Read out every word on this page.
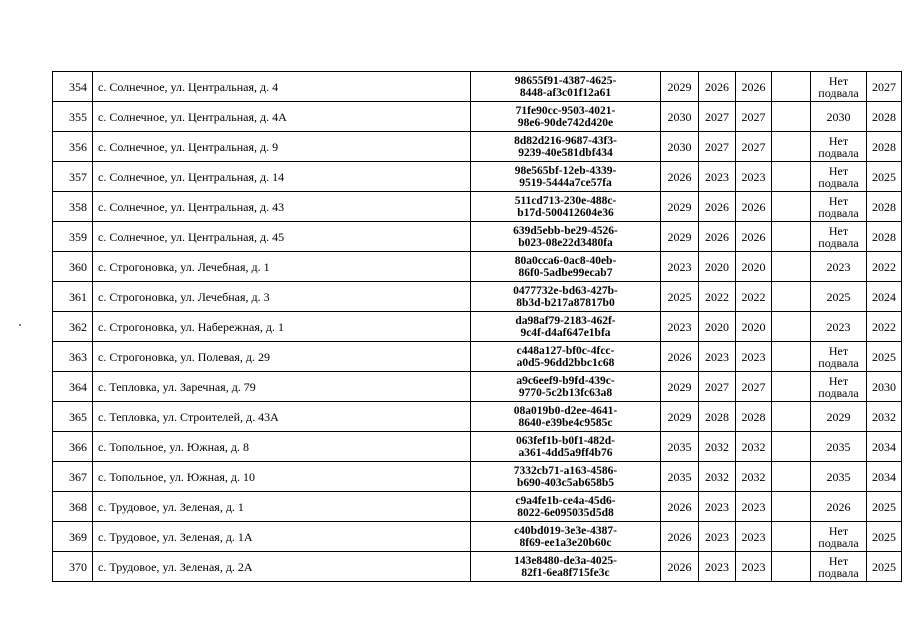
354	с. Солнечное, ул. Центральная, д. 4	98655f91-4387-4625-
8448-af3c01f12a61	2029	2026	2026		Нет подвала	2027
355	с. Солнечное, ул. Центральная, д. 4А	71fe90cc-9503-4021-
98e6-90de742d420e	2030	2027	2027		2030	2028
356	с. Солнечное, ул. Центральная, д. 9	8d82d216-9687-43f3-
9239-40e581dbf434	2030	2027	2027		Нет подвала	2028
357	с. Солнечное, ул. Центральная, д. 14	98e565bf-12eb-4339-
9519-5444a7ce57fa	2026	2023	2023		Нет подвала	2025
358	с. Солнечное, ул. Центральная, д. 43	511cd713-230e-488c-
b17d-500412604e36	2029	2026	2026		Нет подвала	2028
359	с. Солнечное, ул. Центральная, д. 45	639d5ebb-be29-4526-
b023-08e22d3480fa	2029	2026	2026		Нет подвала	2028
360	с. Строгоновка, ул. Лечебная, д. 1	80a0cca6-0ac8-40eb-
86f0-5adbe99ecab7	2023	2020	2020		2023	2022
361	с. Строгоновка, ул. Лечебная, д. 3	0477732e-bd63-427b-
8b3d-b217a87817b0	2025	2022	2022		2025	2024
362	с. Строгоновка, ул. Набережная, д. 1	da98af79-2183-462f-
9c4f-d4af647e1bfa	2023	2020	2020		2023	2022
363	с. Строгоновка, ул. Полевая, д. 29	c448a127-bf0c-4fcc-
a0d5-96dd2bbc1c68	2026	2023	2023		Нет подвала	2025
364	с. Тепловка, ул. Заречная, д. 79	a9c6eef9-b9fd-439c-
9770-5c2b13fc63a8	2029	2027	2027		Нет подвала	2030
365	с. Тепловка, ул. Строителей, д. 43А	08a019b0-d2ee-4641-
8640-e39be4c9585c	2029	2028	2028		2029	2032
366	с. Топольное, ул. Южная, д. 8	063fef1b-b0f1-482d-
a361-4dd5a9ff4b76	2035	2032	2032		2035	2034
367	с. Топольное, ул. Южная, д. 10	7332cb71-a163-4586-
b690-403c5ab658b5	2035	2032	2032		2035	2034
368	с. Трудовое, ул. Зеленая, д. 1	c9a4fe1b-ce4a-45d6-
8022-6e095035d5d8	2026	2023	2023		2026	2025
369	с. Трудовое, ул. Зеленая, д. 1А	c40bd019-3e3e-4387-
8f69-ee1a3e20b60c	2026	2023	2023		Нет подвала	2025
370	с. Трудовое, ул. Зеленая, д. 2А	143e8480-de3a-4025-
82f1-6ea8f715fe3c	2026	2023	2023		Нет подвала	2025
